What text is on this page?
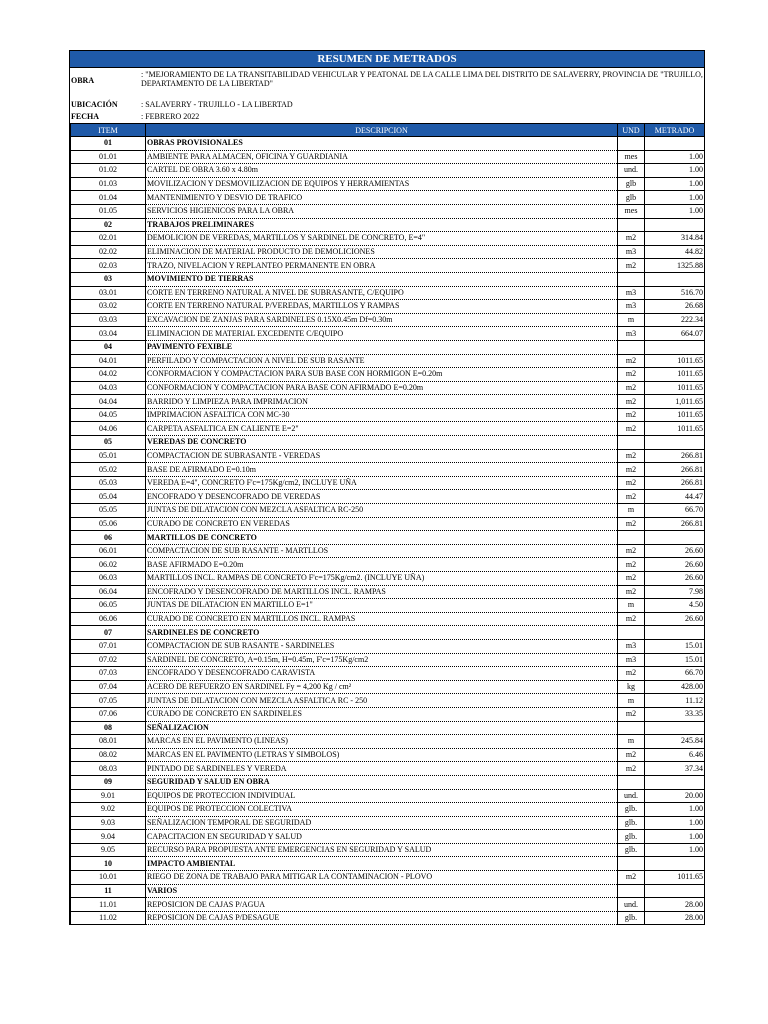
RESUMEN DE METRADOS
OBRA
: "MEJORAMIENTO DE LA TRANSITABILIDAD VEHICULAR Y PEATONAL DE LA CALLE LIMA DEL DISTRITO DE SALAVERRY, PROVINCIA DE "TRUJILLO, DEPARTAMENTO DE LA LIBERTAD"
UBICACIÓN	: SALAVERRY - TRUJILLO - LA LIBERTAD
FECHA	: FEBRERO 2022
ITEM	DESCRIPCION	UND	METRADO
01	OBRAS PROVISIONALES		
01.01	AMBIENTE PARA ALMACEN, OFICINA Y GUARDIANIA	mes	1.00
01.02	CARTEL DE OBRA 3.60 x 4.80m	und.	1.00
01.03	MOVILIZACION Y DESMOVILIZACION DE EQUIPOS Y HERRAMIENTAS	glb	1.00
01.04	MANTENIMIENTO Y DESVIO DE TRAFICO	glb	1.00
01.05	SERVICIOS HIGIENICOS PARA LA OBRA	mes	1.00
02	TRABAJOS PRELIMINARES		
02.01	DEMOLICION DE VEREDAS, MARTILLOS Y SARDINEL DE CONCRETO, E=4"	m2	314.84
02.02	ELIMINACION DE MATERIAL PRODUCTO DE DEMOLICIONES	m3	44.82
02.03	TRAZO, NIVELACION Y REPLANTEO PERMANENTE EN OBRA	m2	1325.88
03	MOVIMIENTO DE TIERRAS		
03.01	CORTE EN TERRENO NATURAL A NIVEL DE SUBRASANTE, C/EQUIPO	m3	516.70
03.02	CORTE EN TERRENO NATURAL P/VEREDAS, MARTILLOS Y RAMPAS	m3	26.68
03.03	EXCAVACION DE ZANJAS PARA SARDINELES 0.15X0.45m Df=0.30m	m	222.34
03.04	ELIMINACION DE MATERIAL EXCEDENTE C/EQUIPO	m3	664.07
04	PAVIMENTO FEXIBLE		
04.01	PERFILADO Y COMPACTACION A NIVEL DE SUB RASANTE	m2	1011.65
04.02	CONFORMACION Y COMPACTACION PARA SUB BASE CON HORMIGON E=0.20m	m2	1011.65
04.03	CONFORMACION Y COMPACTACION PARA BASE CON AFIRMADO E=0.20m	m2	1011.65
04.04	BARRIDO Y LIMPIEZA PARA IMPRIMACION	m2	1,011.65
04.05	IMPRIMACION ASFALTICA CON MC-30	m2	1011.65
04.06	CARPETA ASFALTICA EN CALIENTE E=2"	m2	1011.65
05	VEREDAS DE CONCRETO		
05.01	COMPACTACION DE SUBRASANTE - VEREDAS	m2	266.81
05.02	BASE DE AFIRMADO E=0.10m	m2	266.81
05.03	VEREDA E=4", CONCRETO F'c=175Kg/cm2, INCLUYE UÑA	m2	266.81
05.04	ENCOFRADO Y DESENCOFRADO DE VEREDAS	m2	44.47
05.05	JUNTAS DE DILATACION CON MEZCLA ASFALTICA RC-250	m	66.70
05.06	CURADO DE CONCRETO EN VEREDAS	m2	266.81
06	MARTILLOS DE CONCRETO		
06.01	COMPACTACION DE SUB RASANTE - MARTLLOS	m2	26.60
06.02	BASE AFIRMADO E=0.20m	m2	26.60
06.03	MARTILLOS INCL. RAMPAS DE CONCRETO F'c=175Kg/cm2. (INCLUYE UÑA)	m2	26.60
06.04	ENCOFRADO Y DESENCOFRADO DE MARTILLOS INCL. RAMPAS	m2	7.98
06.05	JUNTAS DE DILATACION EN MARTILLO E=1"	m	4.50
06.06	CURADO DE CONCRETO EN MARTILLOS INCL. RAMPAS	m2	26.60
07	SARDINELES DE CONCRETO		
07.01	COMPACTACION DE SUB RASANTE - SARDINELES	m3	15.01
07.02	SARDINEL DE CONCRETO, A=0.15m, H=0.45m, F'c=175Kg/cm2	m3	15.01
07.03	ENCOFRADO Y DESENCOFRADO CARAVISTA	m2	66.70
07.04	ACERO DE REFUERZO EN SARDINEL Fy = 4,200 Kg / cm²	kg	428.00
07.05	JUNTAS DE DILATACION CON MEZCLA ASFALTICA RC - 250	m	11.12
07.06	CURADO DE CONCRETO EN SARDINELES	m2	33.35
08	SEÑALIZACION		
08.01	MARCAS EN EL PAVIMENTO (LINEAS)	m	245.84
08.02	MARCAS EN EL PAVIMENTO (LETRAS Y SIMBOLOS)	m2	6.46
08.03	PINTADO DE SARDINELES Y VEREDA	m2	37.34
09	SEGURIDAD Y SALUD EN OBRA		
9.01	EQUIPOS DE PROTECCION INDIVIDUAL	und.	20.00
9.02	EQUIPOS DE PROTECCION COLECTIVA	glb.	1.00
9.03	SEÑALIZACION TEMPORAL DE SEGURIDAD	glb.	1.00
9.04	CAPACITACION EN SEGURIDAD Y SALUD	glb.	1.00
9.05	RECURSO PARA PROPUESTA ANTE EMERGENCIAS EN SEGURIDAD Y SALUD	glb.	1.00
10	IMPACTO AMBIENTAL		
10.01	RIEGO DE ZONA DE TRABAJO PARA MITIGAR LA CONTAMINACION - PLOVO	m2	1011.65
11	VARIOS		
11.01	REPOSICION DE CAJAS P/AGUA	und.	28.00
11.02	REPOSICION DE CAJAS P/DESAGUE	glb.	28.00
